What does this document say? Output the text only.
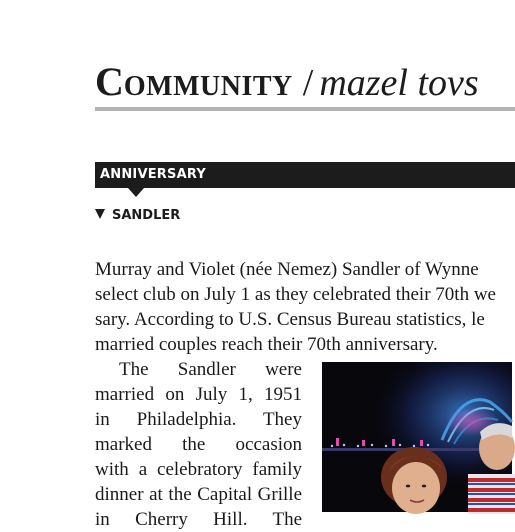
Community / mazel tovs
ANNIVERSARY
SANDLER
Murray and Violet (née Nemez) Sandler of Wynne
select club on July 1 as they celebrated their 70th we
sary. According to U.S. Census Bureau statistics, le
married couples reach their 70th anniversary.
The Sandler were
married on July 1, 1951
in Philadelphia. They
marked the occasion
with a celebratory family
dinner at the Capital Grille
in Cherry Hill. The
